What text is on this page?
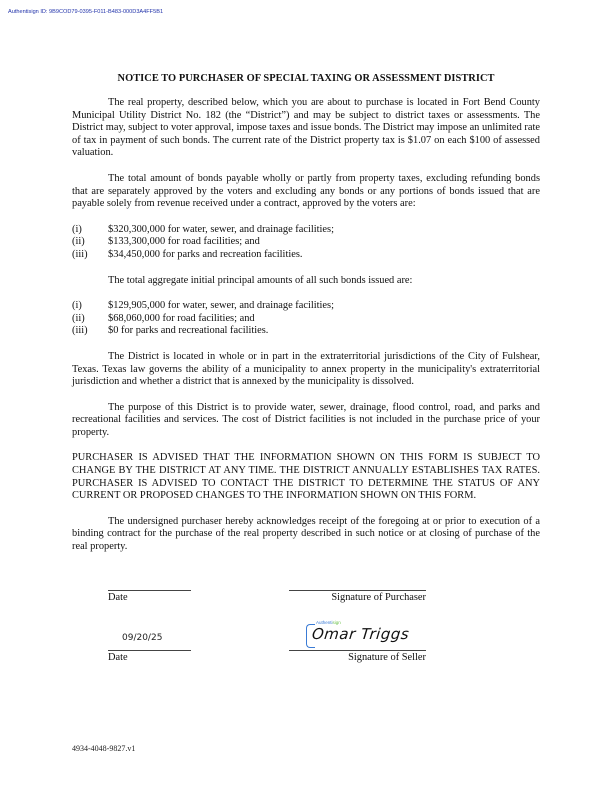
Authentisign ID: 9B9COD79-0395-F011-B483-000D3A4FF5B1

NOTICE TO PURCHASER OF SPECIAL TAXING OR ASSESSMENT DISTRICT

The real property, described below, which you are about to purchase is located in Fort Bend County Municipal Utility District No. 182 (the “District”) and may be subject to district taxes or assessments. The District may, subject to voter approval, impose taxes and issue bonds. The District may impose an unlimited rate of tax in payment of such bonds. The current rate of the District property tax is $1.07 on each $100 of assessed valuation.

The total amount of bonds payable wholly or partly from property taxes, excluding refunding bonds that are separately approved by the voters and excluding any bonds or any portions of bonds issued that are payable solely from revenue received under a contract, approved by the voters are:

(i)	$320,300,000 for water, sewer, and drainage facilities;
(ii)	$133,300,000 for road facilities; and
(iii)	$34,450,000 for parks and recreation facilities.

The total aggregate initial principal amounts of all such bonds issued are:

(i)	$129,905,000 for water, sewer, and drainage facilities;
(ii)	$68,060,000 for road facilities; and
(iii)	$0 for parks and recreational facilities.

The District is located in whole or in part in the extraterritorial jurisdictions of the City of Fulshear, Texas. Texas law governs the ability of a municipality to annex property in the municipality's extraterritorial jurisdiction and whether a district that is annexed by the municipality is dissolved.

The purpose of this District is to provide water, sewer, drainage, flood control, road, and parks and recreational facilities and services. The cost of District facilities is not included in the purchase price of your property.

PURCHASER IS ADVISED THAT THE INFORMATION SHOWN ON THIS FORM IS SUBJECT TO CHANGE BY THE DISTRICT AT ANY TIME. THE DISTRICT ANNUALLY ESTABLISHES TAX RATES. PURCHASER IS ADVISED TO CONTACT THE DISTRICT TO DETERMINE THE STATUS OF ANY CURRENT OR PROPOSED CHANGES TO THE INFORMATION SHOWN ON THIS FORM.

The undersigned purchaser hereby acknowledges receipt of the foregoing at or prior to execution of a binding contract for the purchase of the real property described in such notice or at closing of purchase of the real property.

Date	Signature of Purchaser
09/20/25
Authentisign
Omar Triggs
Date	Signature of Seller
4934-4048-9827.v1
